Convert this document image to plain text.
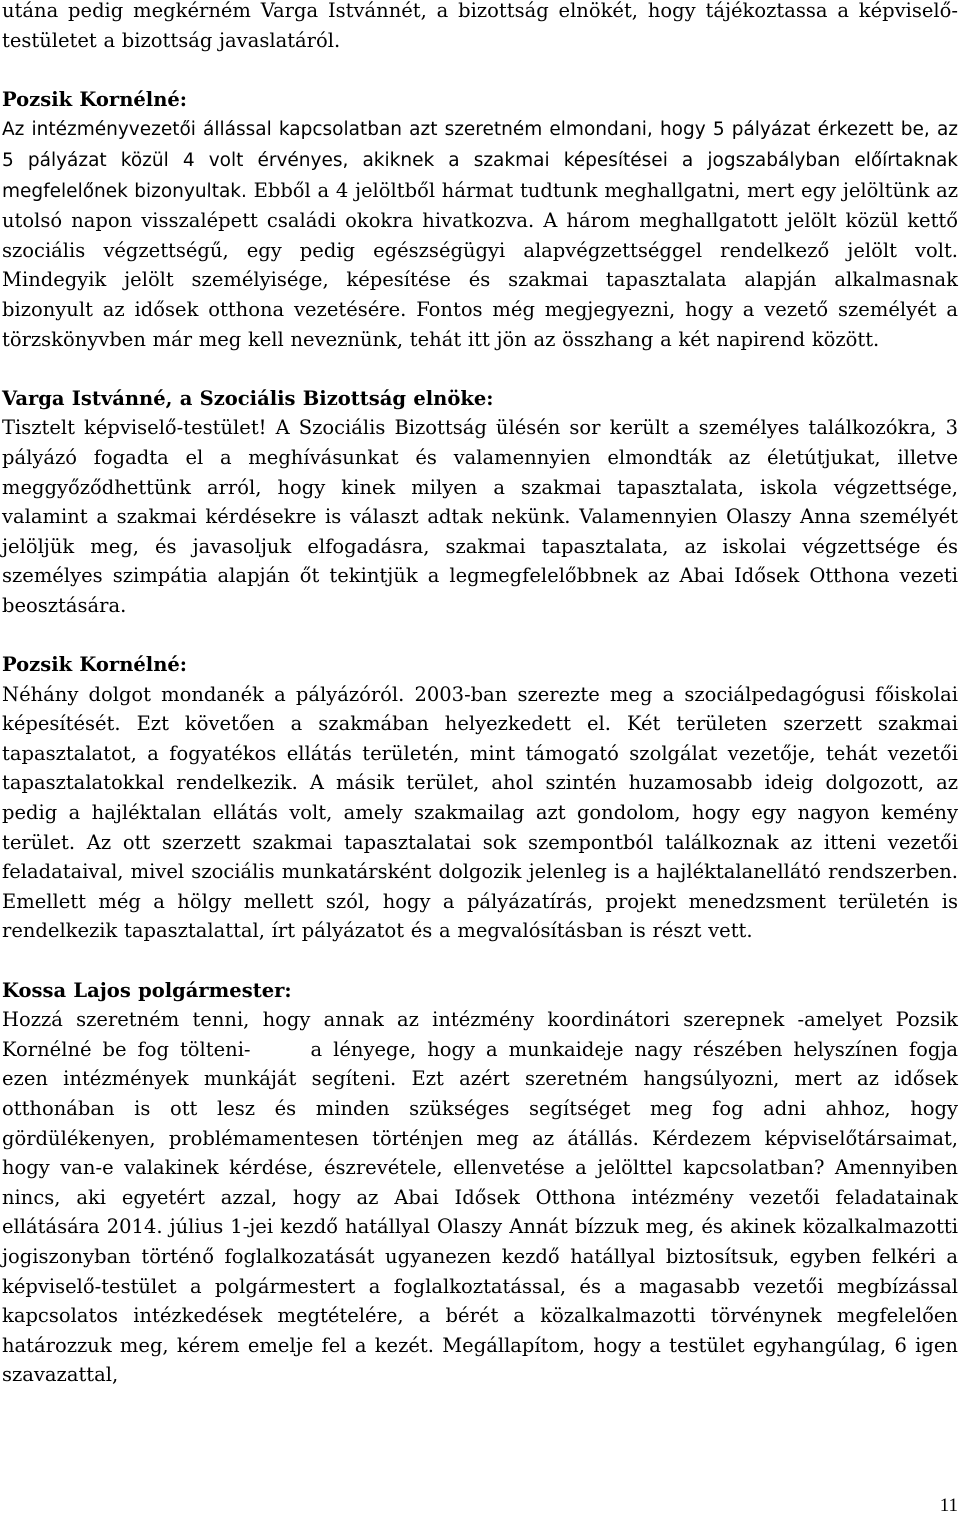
utána pedig megkérném Varga Istvánnét, a bizottság elnökét, hogy tájékoztassa a képviselő-testületet a bizottság javaslatáról.

Pozsik Kornélné:

Az intézményvezetői állással kapcsolatban azt szeretném elmondani, hogy 5 pályázat érkezett be, az 5 pályázat közül 4 volt érvényes, akiknek a szakmai képesítései a jogszabályban előírtaknak megfelelőnek bizonyultak. Ebből a 4 jelöltből hármat tudtunk meghallgatni, mert egy jelöltünk az utolsó napon visszalépett családi okokra hivatkozva. A három meghallgatott jelölt közül kettő szociális végzettségű, egy pedig egészségügyi alapvégzettséggel rendelkező jelölt volt. Mindegyik jelölt személyisége, képesítése és szakmai tapasztalata alapján alkalmasnak bizonyult az idősek otthona vezetésére. Fontos még megjegyezni, hogy a vezető személyét a törzskönyvben már meg kell neveznünk, tehát itt jön az összhang a két napirend között.

Varga Istvánné, a Szociális Bizottság elnöke:

Tisztelt képviselő-testület! A Szociális Bizottság ülésén sor került a személyes találkozókra, 3 pályázó fogadta el a meghívásunkat és valamennyien elmondták az életútjukat, illetve meggyőződhettünk arról, hogy kinek milyen a szakmai tapasztalata, iskola végzettsége, valamint a szakmai kérdésekre is választ adtak nekünk. Valamennyien Olaszy Anna személyét jelöljük meg, és javasoljuk elfogadásra, szakmai tapasztalata, az iskolai végzettsége és személyes szimpátia alapján őt tekintjük a legmegfelelőbbnek az Abai Idősek Otthona vezeti beosztására.

Pozsik Kornélné:

Néhány dolgot mondanék a pályázóról. 2003-ban szerezte meg a szociálpedagógusi főiskolai képesítését. Ezt követően a szakmában helyezkedett el. Két területen szerzett szakmai tapasztalatot, a fogyatékos ellátás területén, mint támogató szolgálat vezetője, tehát vezetői tapasztalatokkal rendelkezik. A másik terület, ahol szintén huzamosabb ideig dolgozott, az pedig a hajléktalan ellátás volt, amely szakmailag azt gondolom, hogy egy nagyon kemény terület. Az ott szerzett szakmai tapasztalatai sok szempontból találkoznak az itteni vezetői feladataival, mivel szociális munkatársként dolgozik jelenleg is a hajléktalanellátó rendszerben. Emellett még a hölgy mellett szól, hogy a pályázatírás, projekt menedzsment területén is rendelkezik tapasztalattal, írt pályázatot és a megvalósításban is részt vett.

Kossa Lajos polgármester:

Hozzá szeretném tenni, hogy annak az intézmény koordinátori szerepnek -amelyet Pozsik Kornélné be fog tölteni-	a lényege, hogy a munkaideje nagy részében helyszínen fogja ezen intézmények munkáját segíteni. Ezt azért szeretném hangsúlyozni, mert az idősek otthonában is ott lesz és minden szükséges segítséget meg fog adni ahhoz, hogy gördülékenyen, problémamentesen történjen meg az átállás. Kérdezem képviselőtársaimat, hogy van-e valakinek kérdése, észrevétele, ellenvetése a jelölttel kapcsolatban? Amennyiben nincs, aki egyetért azzal, hogy az Abai Idősek Otthona intézmény vezetői feladatainak ellátására 2014. július 1-jei kezdő hatállyal Olaszy Annát bízzuk meg, és akinek közalkalmazotti jogiszonyban történő foglalkozatását ugyanezen kezdő hatállyal biztosítsuk, egyben felkéri a képviselő-testület a polgármestert a foglalkoztatással, és a magasabb vezetői megbízással kapcsolatos intézkedések megtételére, a bérét a közalkalmazotti törvénynek megfelelően határozzuk meg, kérem emelje fel a kezét. Megállapítom, hogy a testület egyhangúlag, 6 igen szavazattal,

11
